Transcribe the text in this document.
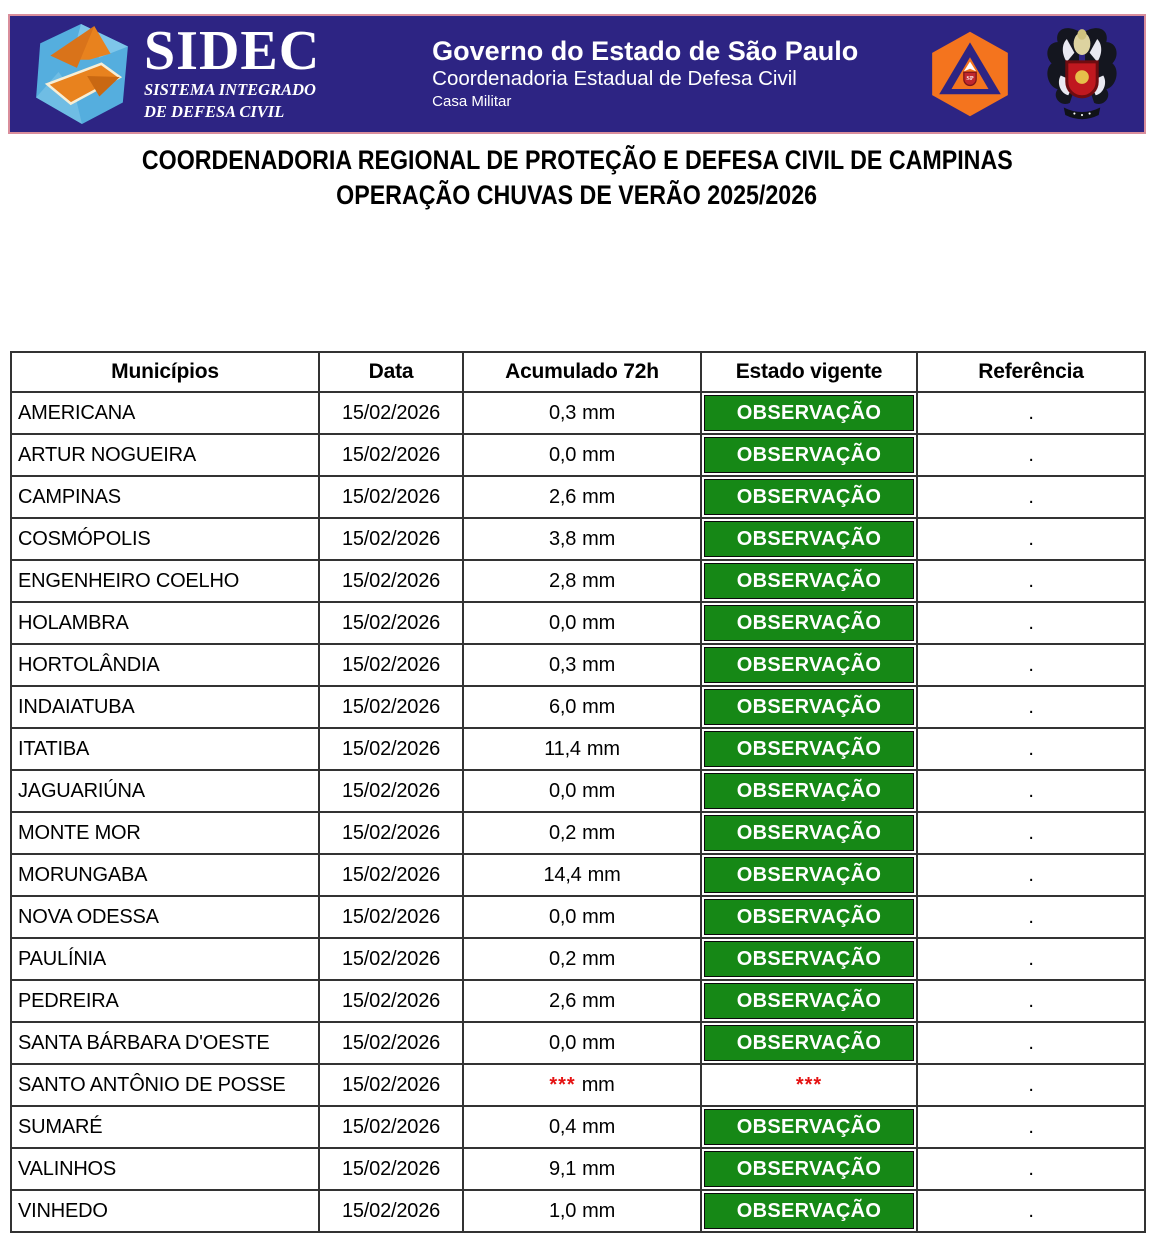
SIDEC
SISTEMA INTEGRADO
DE DEFESA CIVIL
Governo do Estado de São Paulo
Coordenadoria Estadual de Defesa Civil
Casa Militar
SP
COORDENADORIA REGIONAL DE PROTEÇÃO E DEFESA CIVIL DE CAMPINAS
OPERAÇÃO CHUVAS DE VERÃO 2025/2026
Municípios	Data	Acumulado 72h	Estado vigente	Referência
AMERICANA	15/02/2026	0,3 mm	OBSERVAÇÃO	.
ARTUR NOGUEIRA	15/02/2026	0,0 mm	OBSERVAÇÃO	.
CAMPINAS	15/02/2026	2,6 mm	OBSERVAÇÃO	.
COSMÓPOLIS	15/02/2026	3,8 mm	OBSERVAÇÃO	.
ENGENHEIRO COELHO	15/02/2026	2,8 mm	OBSERVAÇÃO	.
HOLAMBRA	15/02/2026	0,0 mm	OBSERVAÇÃO	.
HORTOLÂNDIA	15/02/2026	0,3 mm	OBSERVAÇÃO	.
INDAIATUBA	15/02/2026	6,0 mm	OBSERVAÇÃO	.
ITATIBA	15/02/2026	11,4 mm	OBSERVAÇÃO	.
JAGUARIÚNA	15/02/2026	0,0 mm	OBSERVAÇÃO	.
MONTE MOR	15/02/2026	0,2 mm	OBSERVAÇÃO	.
MORUNGABA	15/02/2026	14,4 mm	OBSERVAÇÃO	.
NOVA ODESSA	15/02/2026	0,0 mm	OBSERVAÇÃO	.
PAULÍNIA	15/02/2026	0,2 mm	OBSERVAÇÃO	.
PEDREIRA	15/02/2026	2,6 mm	OBSERVAÇÃO	.
SANTA BÁRBARA D'OESTE	15/02/2026	0,0 mm	OBSERVAÇÃO	.
SANTO ANTÔNIO DE POSSE	15/02/2026	*** mm	***	.
SUMARÉ	15/02/2026	0,4 mm	OBSERVAÇÃO	.
VALINHOS	15/02/2026	9,1 mm	OBSERVAÇÃO	.
VINHEDO	15/02/2026	1,0 mm	OBSERVAÇÃO	.
